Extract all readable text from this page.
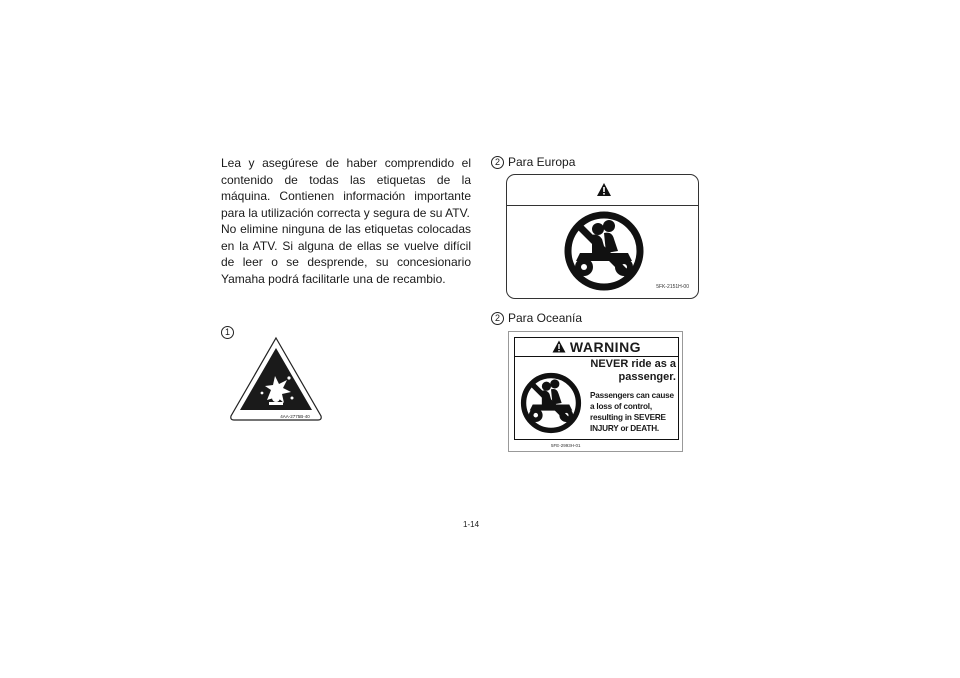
Lea y asegúrese de haber comprendido el contenido de todas las etiquetas de la máquina. Contienen información importante para la utilización correcta y segura de su ATV.

No elimine ninguna de las etiquetas colocadas en la ATV. Si alguna de ellas se vuelve difícil de leer o se desprende, su concesionario Yamaha podrá facilitarle una de recambio.

1
4AA-2775B-40
2 Para Europa
5FK-2151H-00
2 Para Oceanía
WARNING
NEVER ride as a
passenger.
Passengers can cause
a loss of control,
resulting in SEVERE
INJURY or DEATH.
5FE-2993H-01
1-14
